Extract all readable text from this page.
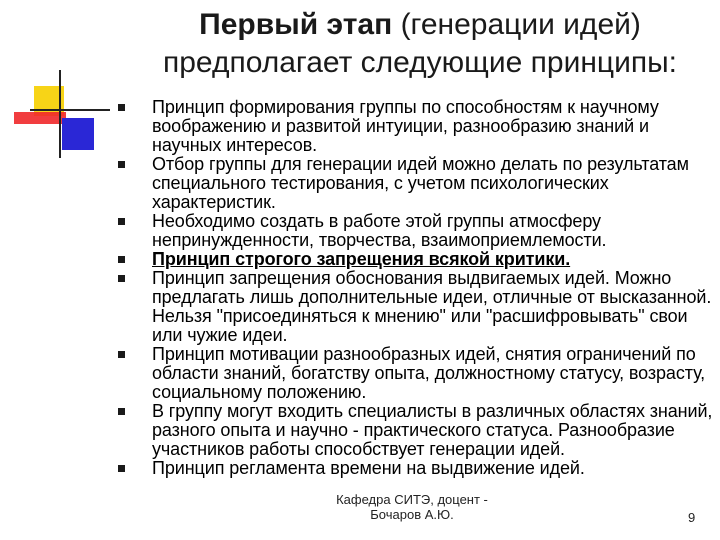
Первый этап (генерации идей)
предполагает следующие принципы:
Принцип формирования группы по способностям к научному воображению и развитой интуиции, разнообразию знаний и научных интересов.
Отбор группы для генерации идей можно делать по результатам специального тестирования, с учетом психологических характеристик.
Необходимо создать в работе этой группы атмосферу непринужденности, творчества, взаимоприемлемости.
Принцип строгого запрещения всякой критики.
Принцип запрещения обоснования выдвигаемых идей. Можно предлагать лишь дополнительные идеи, отличные от высказанной. Нельзя "присоединяться к мнению" или "расшифровывать" свои или чужие идеи.
Принцип мотивации разнообразных идей, снятия ограничений по области знаний, богатству опыта, должностному статусу, возрасту, социальному положению.
В группу могут входить специалисты в различных областях знаний, разного опыта и научно - практического статуса. Разнообразие участников работы способствует генерации идей.
Принцип регламента времени на выдвижение идей.
Кафедра СИТЭ, доцент -
Бочаров А.Ю.	9
